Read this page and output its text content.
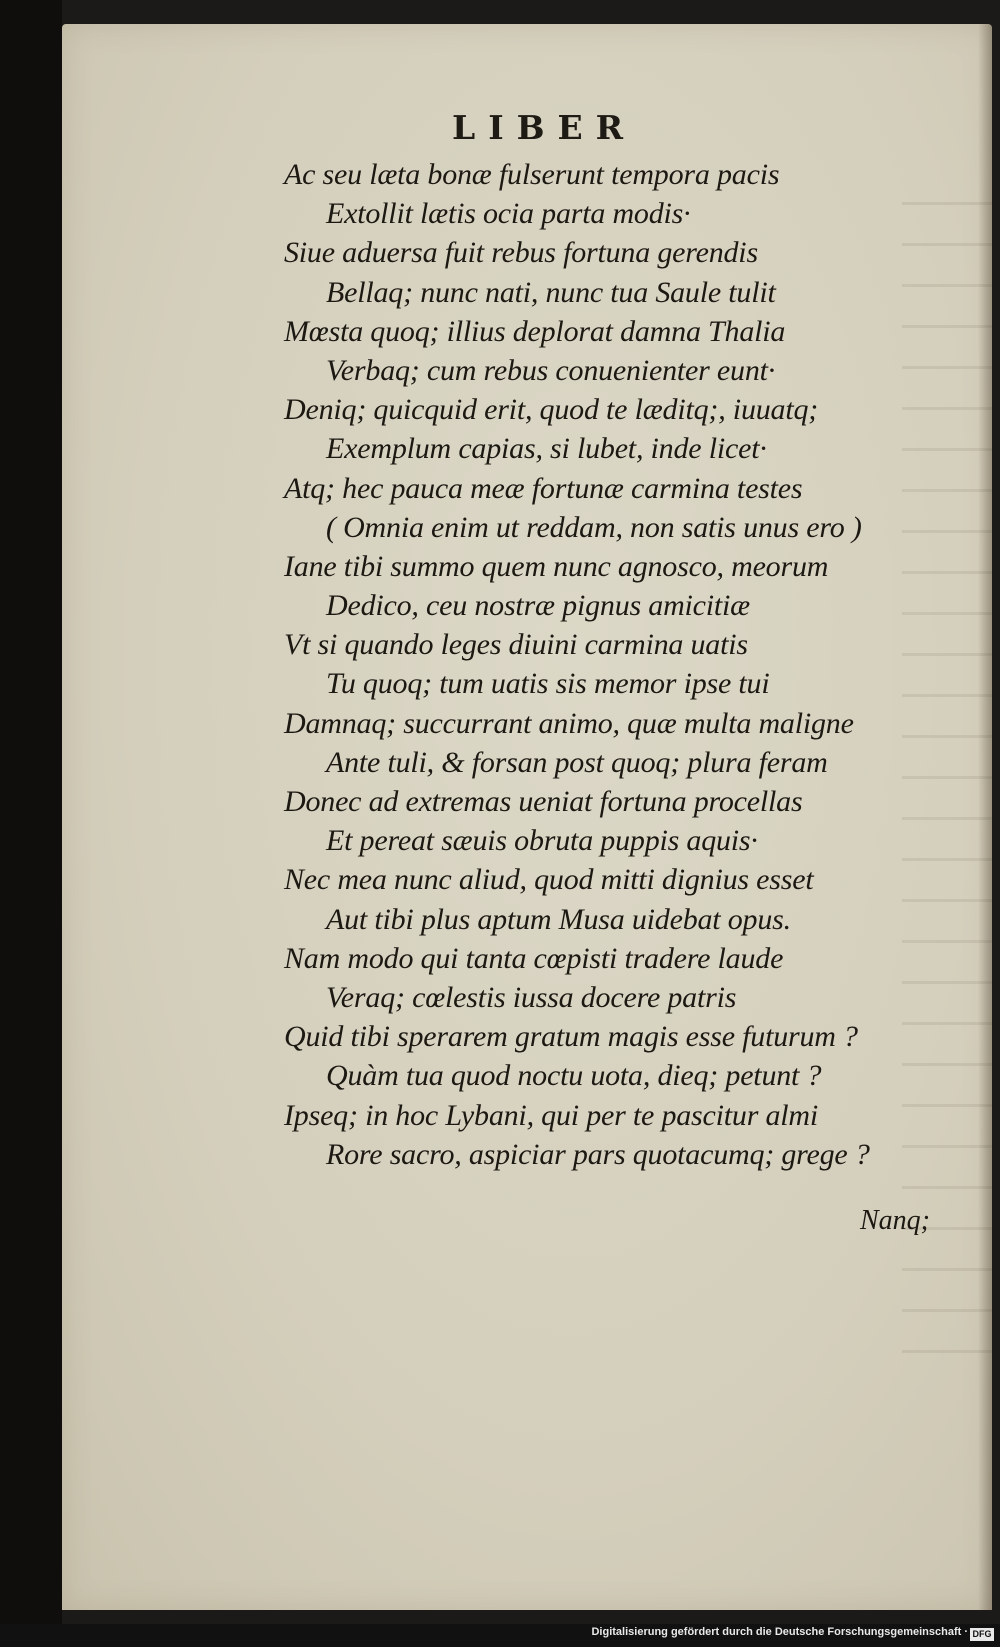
LIBER
Ac seu læta bonæ fulserunt tempora pacis
Extollit lætis ocia parta modis·
Siue aduersa fuit rebus fortuna gerendis
Bellaq; nunc nati, nunc tua Saule tulit
Mœsta quoq; illius deplorat damna Thalia
Verbaq; cum rebus conuenienter eunt·
Deniq; quicquid erit, quod te læditq;, iuuatq;
Exemplum capias, si lubet, inde licet·
Atq; hec pauca meæ fortunæ carmina testes
( Omnia enim ut reddam, non satis unus ero )
Iane tibi summo quem nunc agnosco, meorum
Dedico, ceu nostræ pignus amicitiæ
Vt si quando leges diuini carmina uatis
Tu quoq; tum uatis sis memor ipse tui
Damnaq; succurrant animo, quæ multa maligne
Ante tuli, & forsan post quoq; plura feram
Donec ad extremas ueniat fortuna procellas
Et pereat sæuis obruta puppis aquis·
Nec mea nunc aliud, quod mitti dignius esset
Aut tibi plus aptum Musa uidebat opus.
Nam modo qui tanta cœpisti tradere laude
Veraq; cœlestis iussa docere patris
Quid tibi sperarem gratum magis esse futurum ?
Quàm tua quod noctu uota, dieq; petunt ?
Ipseq; in hoc Lybani, qui per te pascitur almi
Rore sacro, aspiciar pars quotacumq; grege ?
Nanq;
Digitalisierung gefördert durch die Deutsche Forschungsgemeinschaft · DFG
